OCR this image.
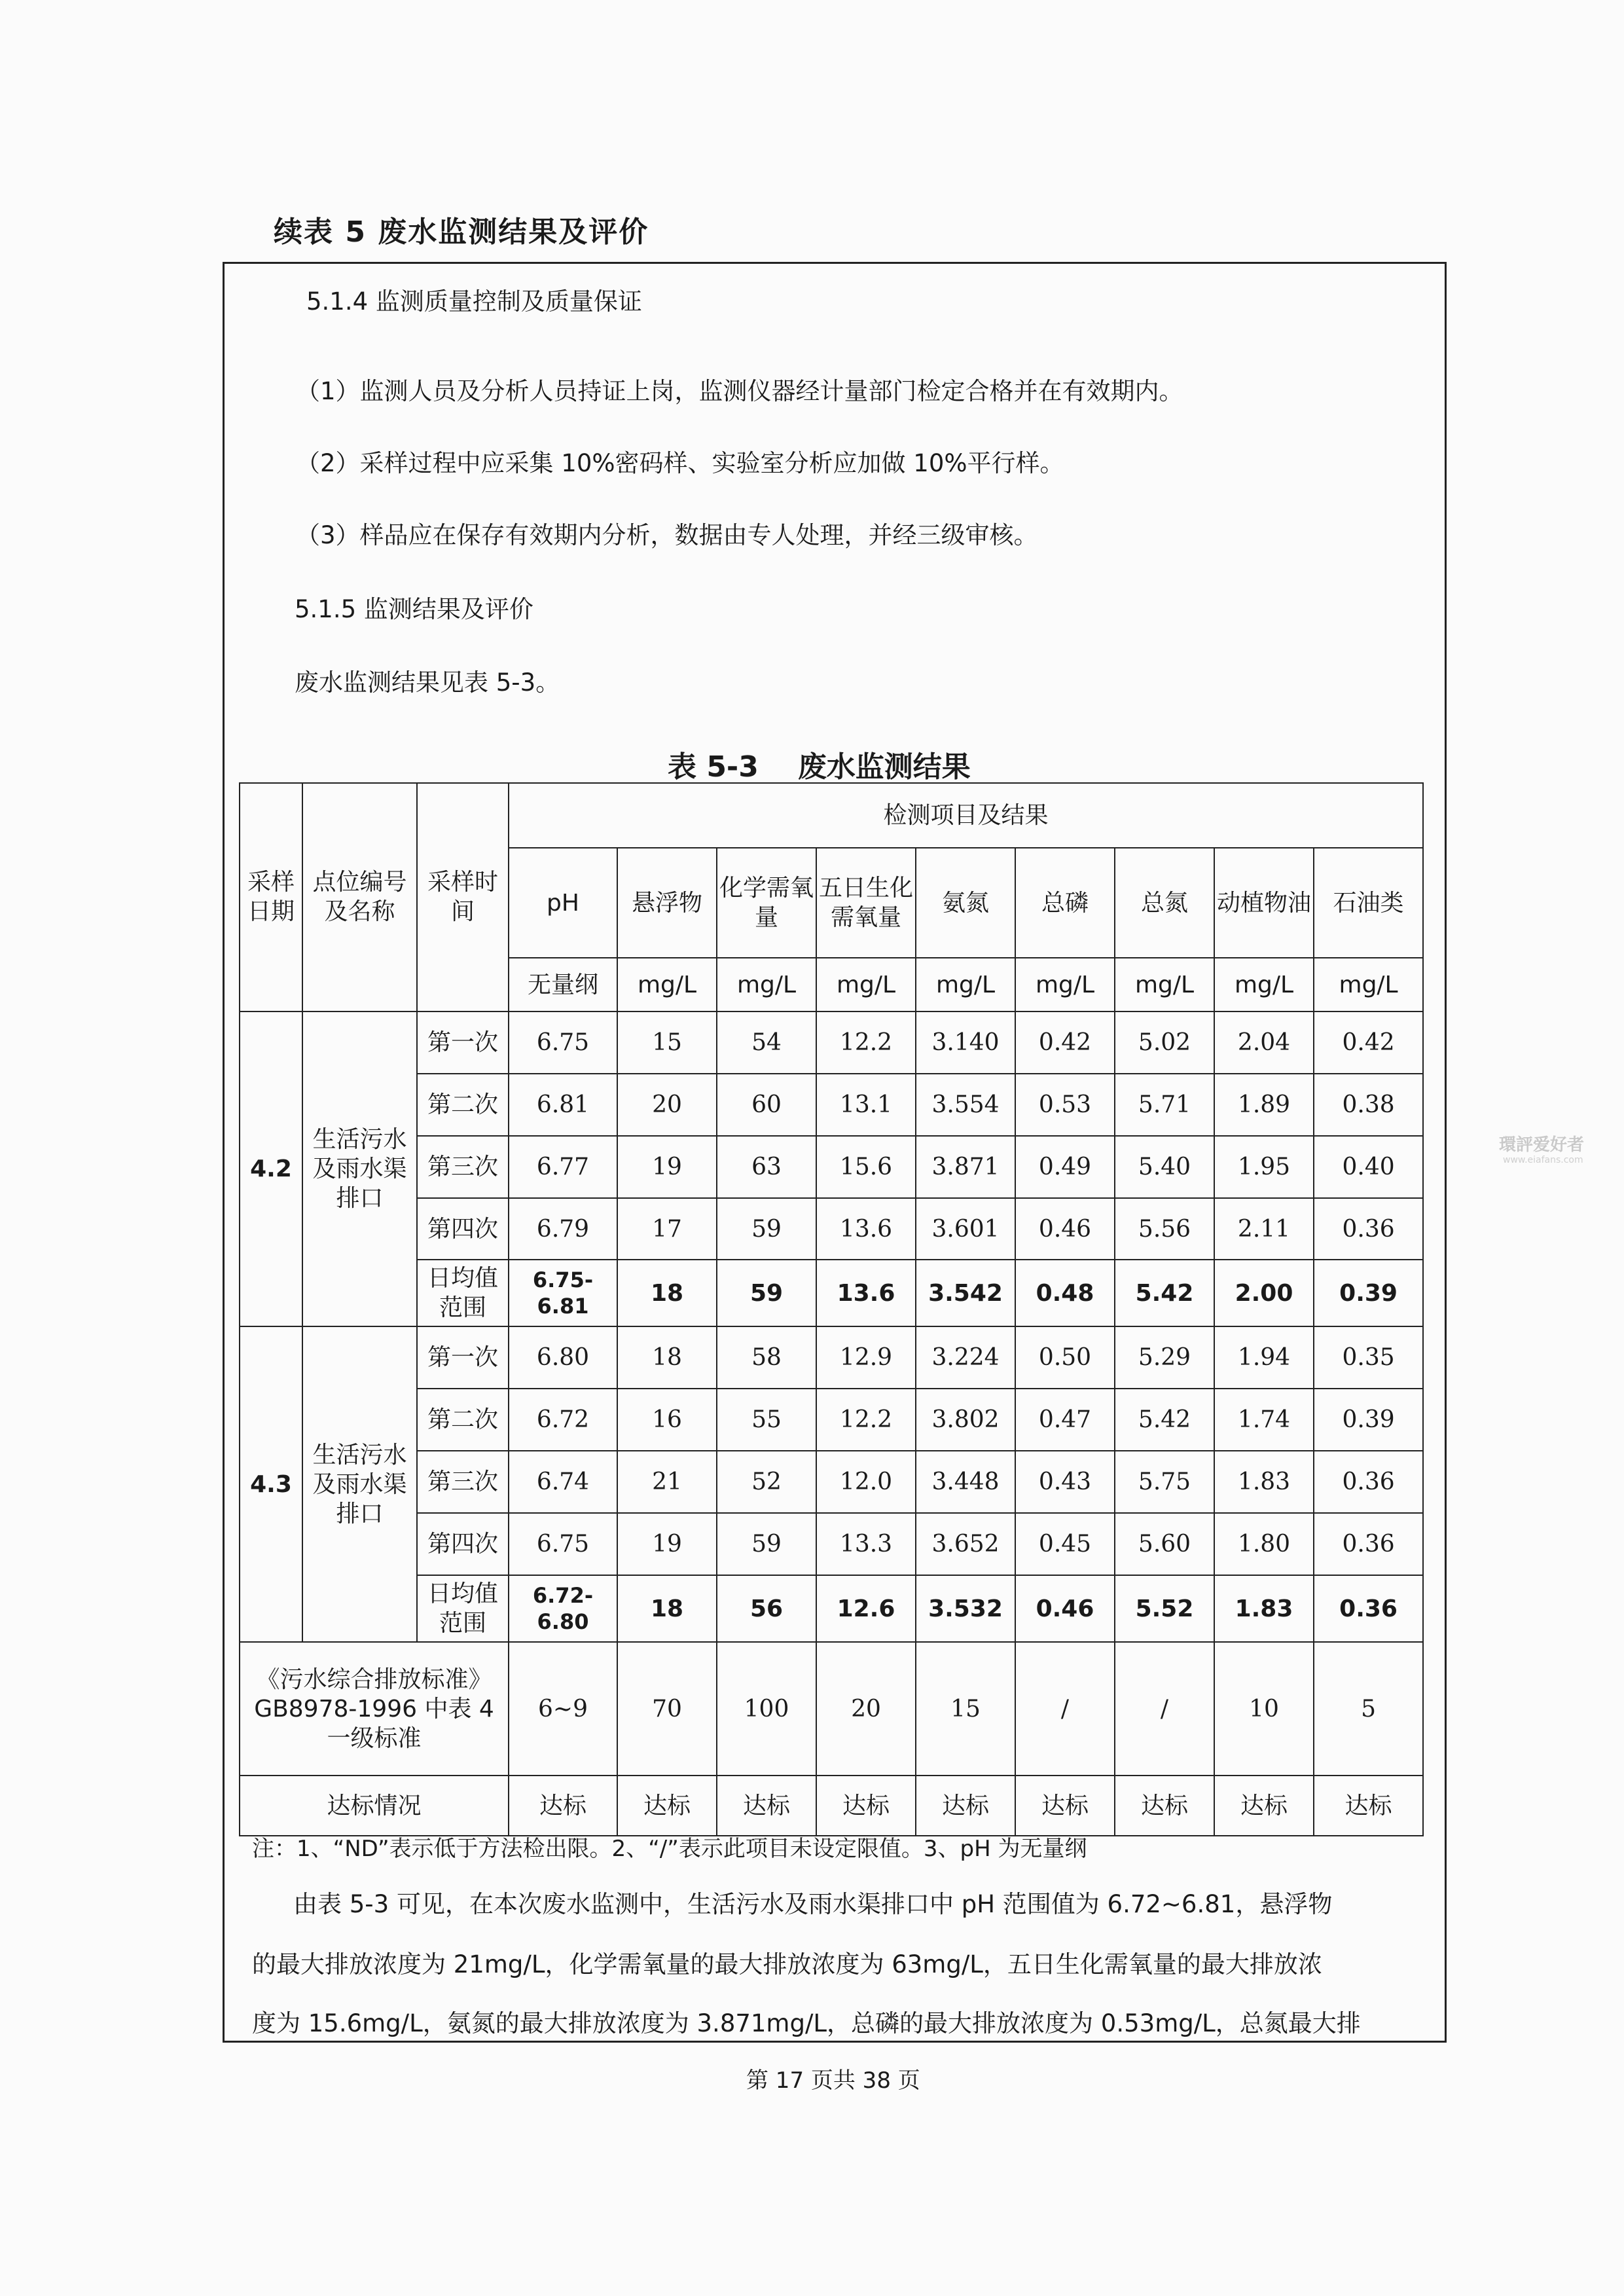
续表 5 废水监测结果及评价
5.1.4 监测质量控制及质量保证
（1）监测人员及分析人员持证上岗，监测仪器经计量部门检定合格并在有效期内。
（2）采样过程中应采集 10%密码样、实验室分析应加做 10%平行样。
（3）样品应在保存有效期内分析，数据由专人处理，并经三级审核。
5.1.5 监测结果及评价
废水监测结果见表 5-3。
表 5-3 废水监测结果
采样日期	点位编号及名称	采样时间	检测项目及结果								
			pH	悬浮物	化学需氧量	五日生化需氧量	氨氮	总磷	总氮	动植物油	石油类
			无量纲	mg/L	mg/L	mg/L	mg/L	mg/L	mg/L	mg/L	mg/L
4.2	生活污水及雨水渠排口	第一次	6.75	15	54	12.2	3.140	0.42	5.02	2.04	0.42
		第二次	6.81	20	60	13.1	3.554	0.53	5.71	1.89	0.38
		第三次	6.77	19	63	15.6	3.871	0.49	5.40	1.95	0.40
		第四次	6.79	17	59	13.6	3.601	0.46	5.56	2.11	0.36
		日均值范围	6.75-6.81	18	59	13.6	3.542	0.48	5.42	2.00	0.39
4.3	生活污水及雨水渠排口	第一次	6.80	18	58	12.9	3.224	0.50	5.29	1.94	0.35
		第二次	6.72	16	55	12.2	3.802	0.47	5.42	1.74	0.39
		第三次	6.74	21	52	12.0	3.448	0.43	5.75	1.83	0.36
		第四次	6.75	19	59	13.3	3.652	0.45	5.60	1.80	0.36
		日均值范围	6.72-6.80	18	56	12.6	3.532	0.46	5.52	1.83	0.36
《污水综合排放标准》GB8978-1996 中表 4 一级标准			6~9	70	100	20	15	/	/	10	5
达标情况			达标	达标	达标	达标	达标	达标	达标	达标	达标
注：1、“ND”表示低于方法检出限。2、“/”表示此项目未设定限值。3、pH 为无量纲
由表 5-3 可见，在本次废水监测中，生活污水及雨水渠排口中 pH 范围值为 6.72~6.81，悬浮物
的最大排放浓度为 21mg/L，化学需氧量的最大排放浓度为 63mg/L，五日生化需氧量的最大排放浓
度为 15.6mg/L，氨氮的最大排放浓度为 3.871mg/L，总磷的最大排放浓度为 0.53mg/L，总氮最大排
第 17 页共 38 页
環評爱好者
www.eiafans.com
